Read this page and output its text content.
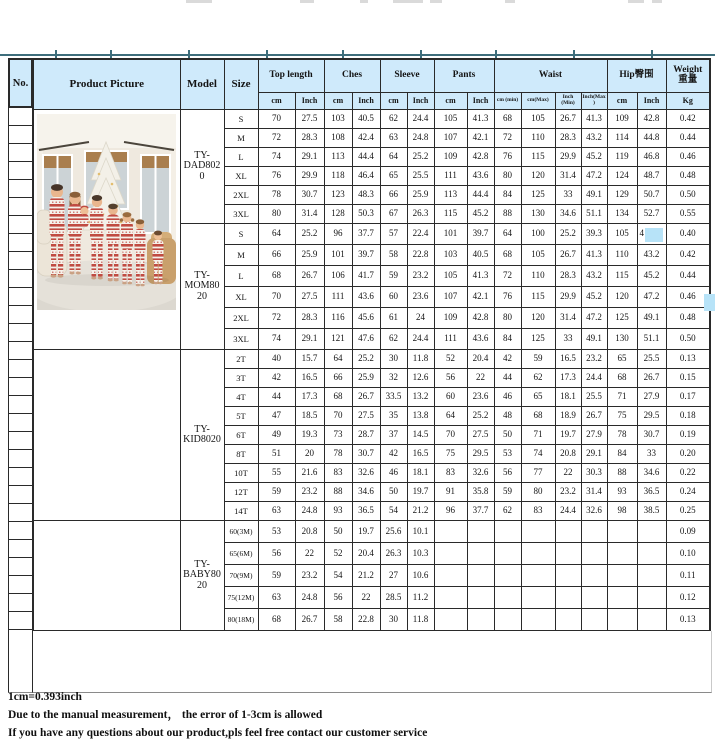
No.	Product Picture	Model	Size	Top length		Ches		Sleeve		Pants		Waist				Hip臀围		Weight 重量
			cm	Inch	cm	Inch	cm	Inch	cm	Inch	cm (min)	cm(Max)	Inch (Min)	Inch(Max)	cm	Inch	Kg

	TY-DAD8020	S	70	27.5	103	40.5	62	24.4	105	41.3	68	105	26.7	41.3	109	42.8	0.42
		M	72	28.3	108	42.4	63	24.8	107	42.1	72	110	28.3	43.2	114	44.8	0.44
		L	74	29.1	113	44.4	64	25.2	109	42.8	76	115	29.9	45.2	119	46.8	0.46
		XL	76	29.9	118	46.4	65	25.5	111	43.6	80	120	31.4	47.2	124	48.7	0.48
		2XL	78	30.7	123	48.3	66	25.9	113	44.4	84	125	33	49.1	129	50.7	0.50
		3XL	80	31.4	128	50.3	67	26.3	115	45.2	88	130	34.6	51.1	134	52.7	0.55
	TY-MOM8020	S	64	25.2	96	37.7	57	22.4	101	39.7	64	100	25.2	39.3	105	4	0.40
		M	66	25.9	101	39.7	58	22.8	103	40.5	68	105	26.7	41.3	110	43.2	0.42
		L	68	26.7	106	41.7	59	23.2	105	41.3	72	110	28.3	43.2	115	45.2	0.44
		XL	70	27.5	111	43.6	60	23.6	107	42.1	76	115	29.9	45.2	120	47.2	0.46
		2XL	72	28.3	116	45.6	61	24	109	42.8	80	120	31.4	47.2	125	49.1	0.48
		3XL	74	29.1	121	47.6	62	24.4	111	43.6	84	125	33	49.1	130	51.1	0.50
	TY-KID8020	2T	40	15.7	64	25.2	30	11.8	52	20.4	42	59	16.5	23.2	65	25.5	0.13
		3T	42	16.5	66	25.9	32	12.6	56	22	44	62	17.3	24.4	68	26.7	0.15
		4T	44	17.3	68	26.7	33.5	13.2	60	23.6	46	65	18.1	25.5	71	27.9	0.17
		5T	47	18.5	70	27.5	35	13.8	64	25.2	48	68	18.9	26.7	75	29.5	0.18
		6T	49	19.3	73	28.7	37	14.5	70	27.5	50	71	19.7	27.9	78	30.7	0.19
		8T	51	20	78	30.7	42	16.5	75	29.5	53	74	20.8	29.1	84	33	0.20
		10T	55	21.6	83	32.6	46	18.1	83	32.6	56	77	22	30.3	88	34.6	0.22
		12T	59	23.2	88	34.6	50	19.7	91	35.8	59	80	23.2	31.4	93	36.5	0.24
		14T	63	24.8	93	36.5	54	21.2	96	37.7	62	83	24.4	32.6	98	38.5	0.25
	TY-BABY8020	60(3M)	53	20.8	50	19.7	25.6	10.1									0.09
		65(6M)	56	22	52	20.4	26.3	10.3									0.10
		70(9M)	59	23.2	54	21.2	27	10.6									0.11
		75(12M)	63	24.8	56	22	28.5	11.2									0.12
		80(18M)	68	26.7	58	22.8	30	11.8									0.13

1cm=0.393inch

Due to the manual measurement， the error of 1-3cm is allowed

If you have any questions about our product,pls feel free contact our customer service
